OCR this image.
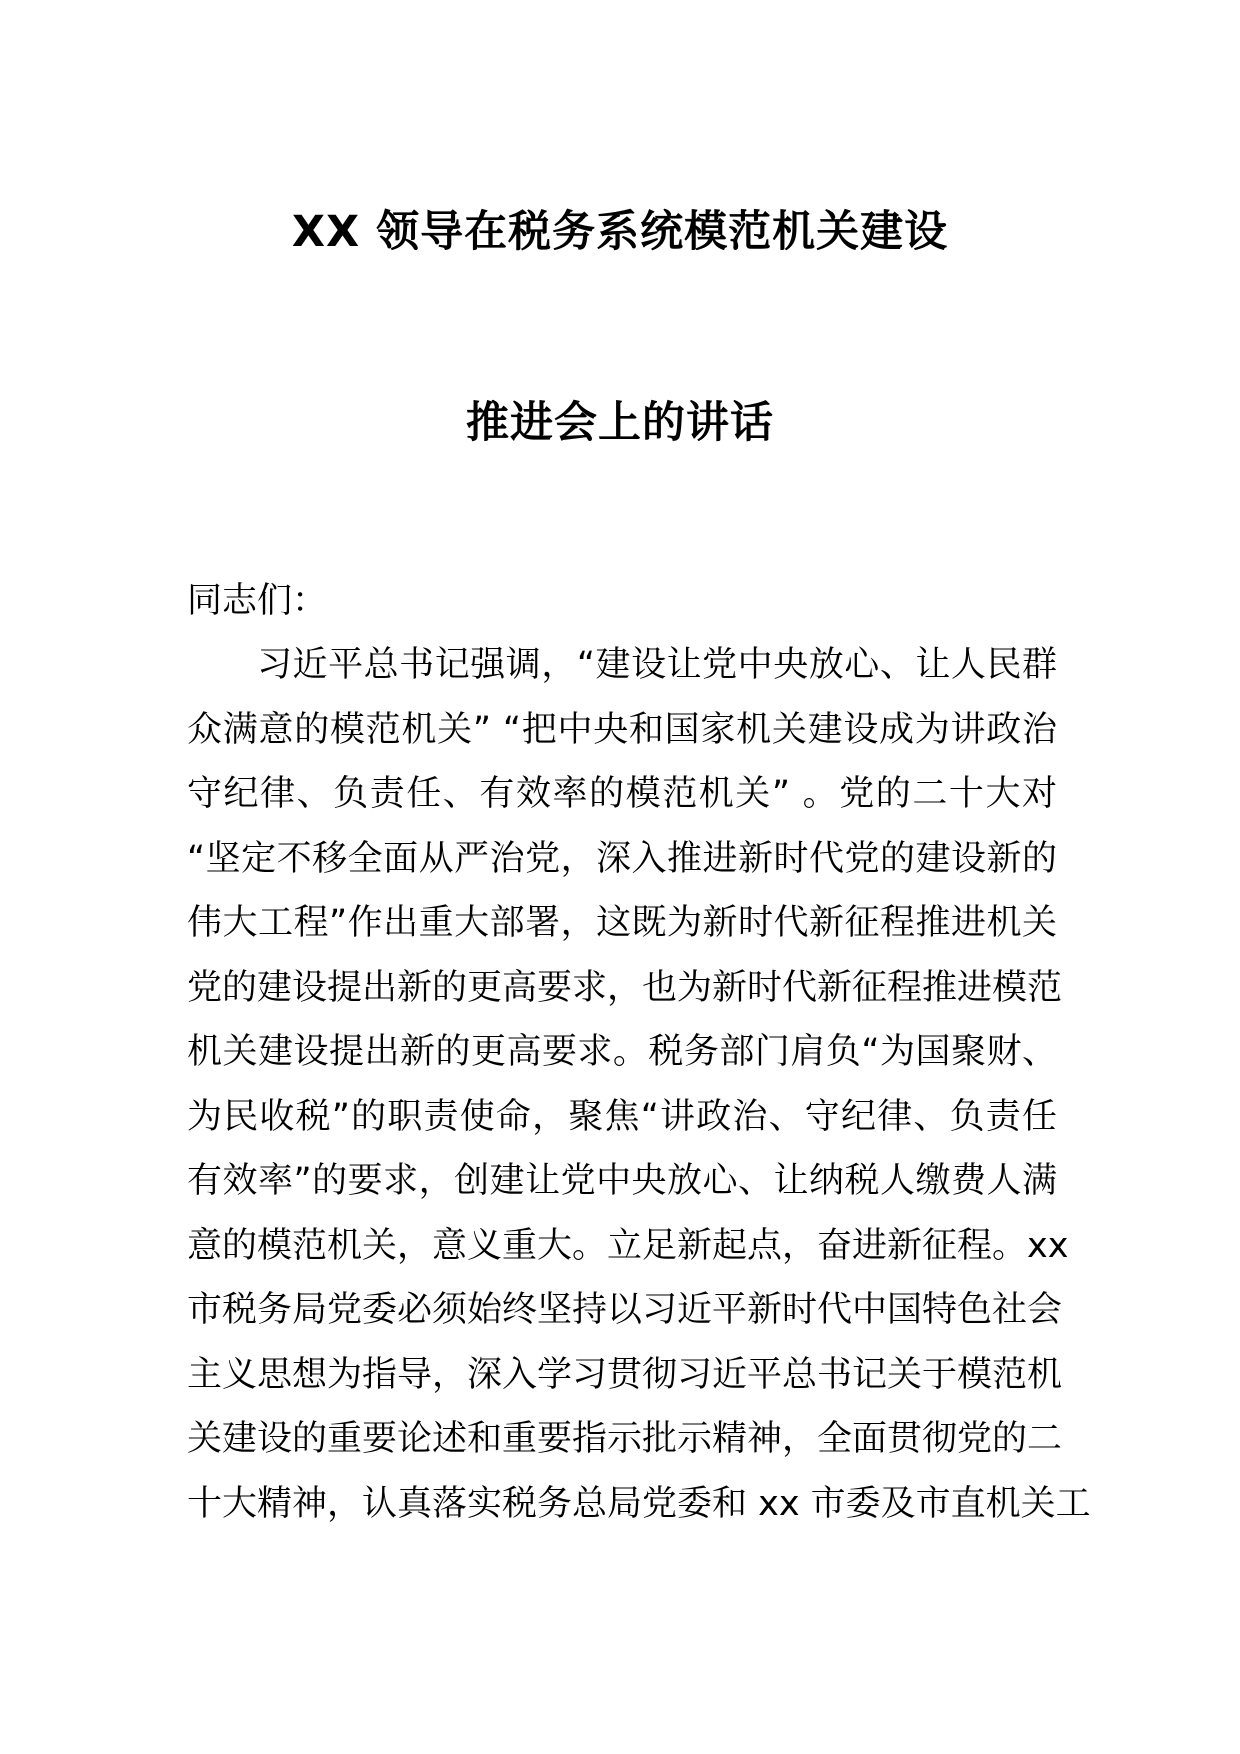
XX 领导在税务系统模范机关建设
推进会上的讲话
同志们：
习近平总书记强调，“建设让党中央放心、让人民群
众满意的模范机关” “把中央和国家机关建设成为讲政治
守纪律、负责任、有效率的模范机关” 。党的二十大对
“坚定不移全面从严治党，深入推进新时代党的建设新的
伟大工程”作出重大部署，这既为新时代新征程推进机关
党的建设提出新的更高要求，也为新时代新征程推进模范
机关建设提出新的更高要求。税务部门肩负“为国聚财、
为民收税”的职责使命，聚焦“讲政治、守纪律、负责任
有效率”的要求，创建让党中央放心、让纳税人缴费人满
意的模范机关，意义重大。立足新起点，奋进新征程。xx
市税务局党委必须始终坚持以习近平新时代中国特色社会
主义思想为指导，深入学习贯彻习近平总书记关于模范机
关建设的重要论述和重要指示批示精神，全面贯彻党的二
十大精神，认真落实税务总局党委和 xx 市委及市直机关工
